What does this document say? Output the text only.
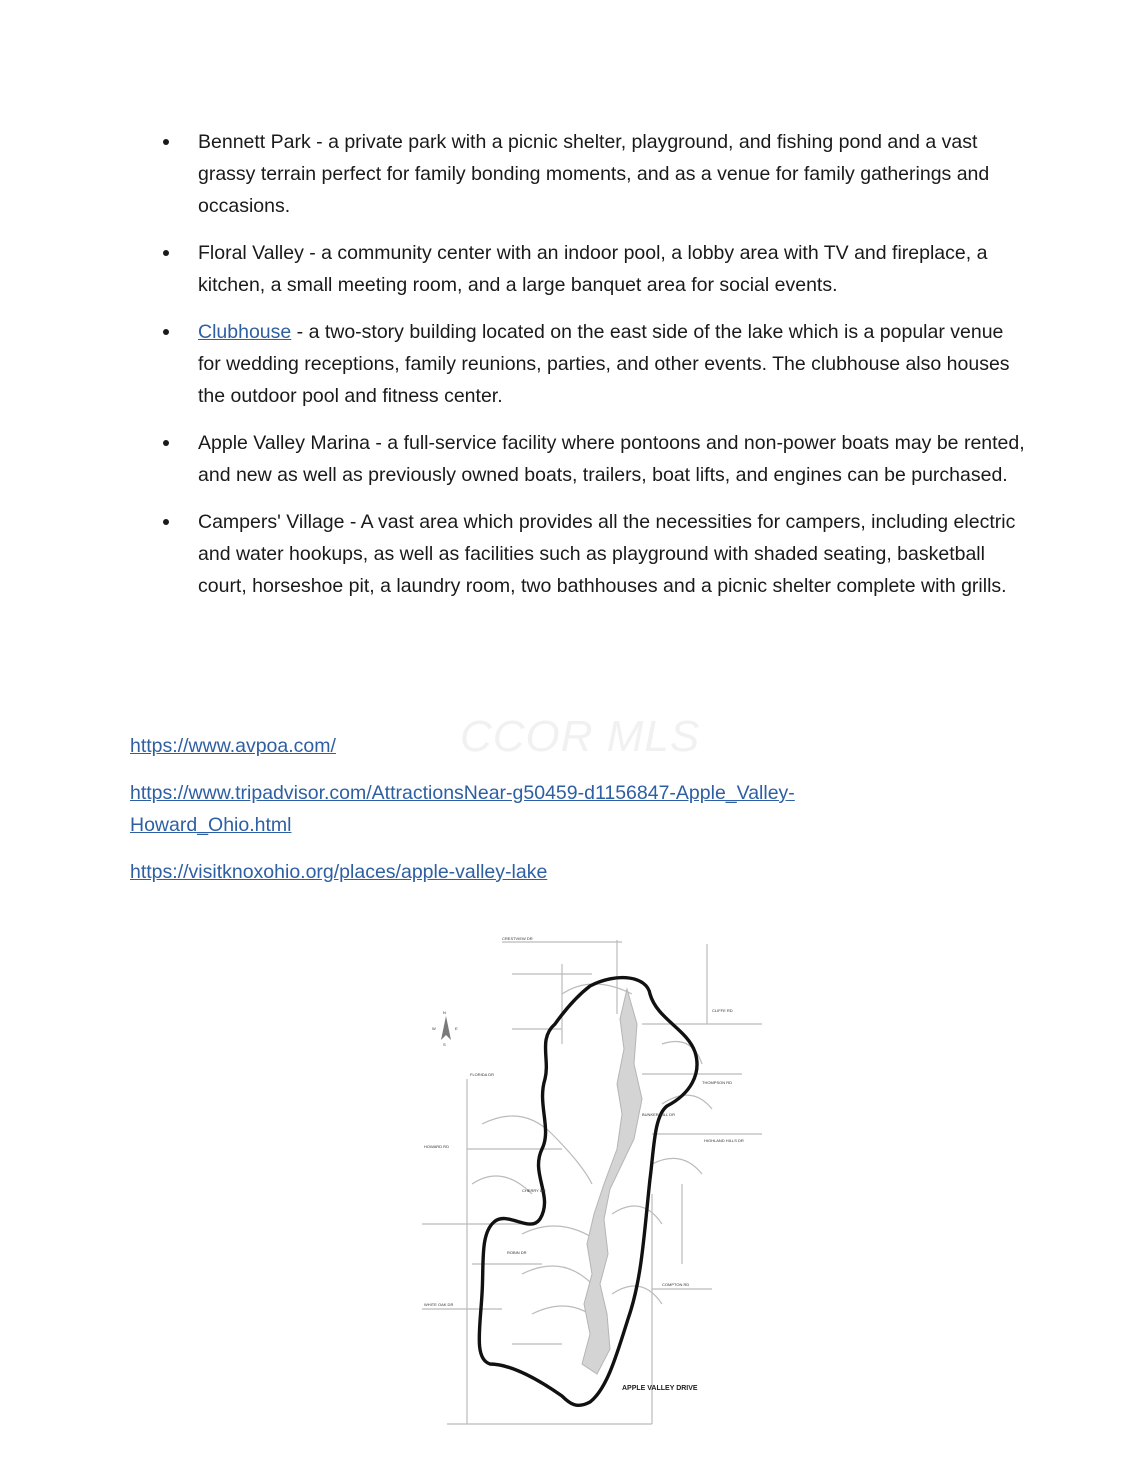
Bennett Park - a private park with a picnic shelter, playground, and fishing pond and a vast grassy terrain perfect for family bonding moments, and as a venue for family gatherings and occasions.
Floral Valley - a community center with an indoor pool, a lobby area with TV and fireplace, a kitchen, a small meeting room, and a large banquet area for social events.
Clubhouse - a two-story building located on the east side of the lake which is a popular venue for wedding receptions, family reunions, parties, and other events. The clubhouse also houses the outdoor pool and fitness center.
Apple Valley Marina - a full-service facility where pontoons and non-power boats may be rented, and new as well as previously owned boats, trailers, boat lifts, and engines can be purchased.
Campers' Village - A vast area which provides all the necessities for campers, including electric and water hookups, as well as facilities such as playground with shaded seating, basketball court, horseshoe pit, a laundry room, two bathhouses and a picnic shelter complete with grills.
CCOR MLS
https://www.avpoa.com/
https://www.tripadvisor.com/AttractionsNear-g50459-d1156847-Apple_Valley-Howard_Ohio.html
https://visitknoxohio.org/places/apple-valley-lake
N
E
S
W
CRESTVIEW DR
CLIFFE RD
THOMPSON RD
HIGHLAND HILLS DR
COMPTON RD
FLORIDA DR
HOWARD RD
BUNKER HILL DR
WHITE OAK DR
CHERRY DR
ROBIN DR
APPLE VALLEY DRIVE
